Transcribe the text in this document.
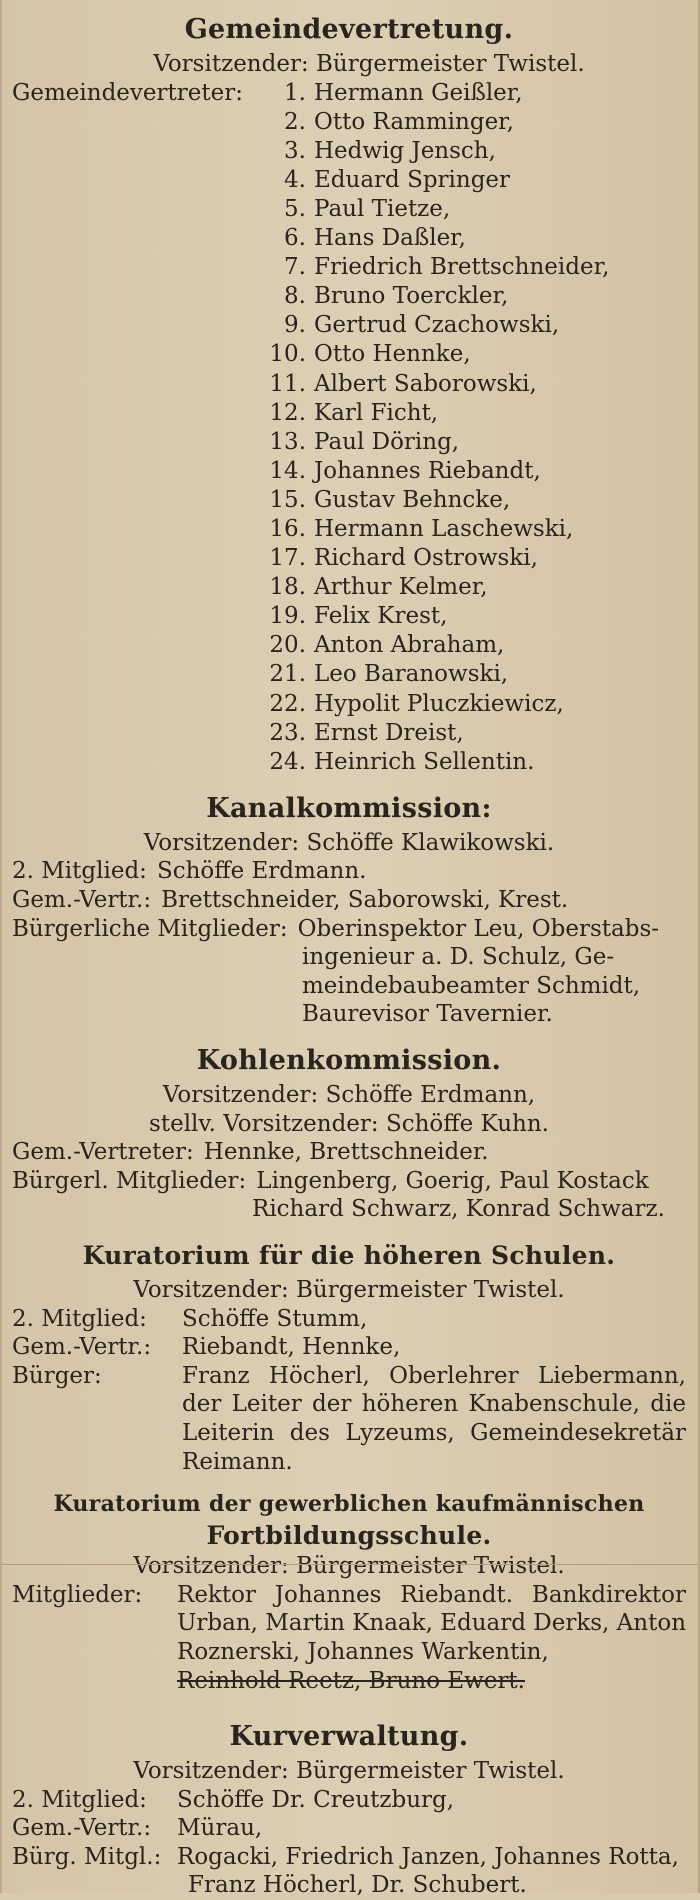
Gemeindevertretung.
Vorsitzender: Bürgermeister Twistel.
Gemeindevertreter:	1. Hermann Geißler,
2. Otto Ramminger,
3. Hedwig Jensch,
4. Eduard Springer
5. Paul Tietze,
6. Hans Daßler,
7. Friedrich Brettschneider,
8. Bruno Toerckler,
9. Gertrud Czachowski,
10. Otto Hennke,
11. Albert Saborowski,
12. Karl Ficht,
13. Paul Döring,
14. Johannes Riebandt,
15. Gustav Behncke,
16. Hermann Laschewski,
17. Richard Ostrowski,
18. Arthur Kelmer,
19. Felix Krest,
20. Anton Abraham,
21. Leo Baranowski,
22. Hypolit Pluczkiewicz,
23. Ernst Dreist,
24. Heinrich Sellentin.
Kanalkommission:
Vorsitzender: Schöffe Klawikowski.
2. Mitglied: Schöffe Erdmann.
Gem.-Vertr.: Brettschneider, Saborowski, Krest.
Bürgerliche Mitglieder: Oberinspektor Leu, Oberstabs-
ingenieur a. D. Schulz, Ge-
meindebaubeamter Schmidt,
Baurevisor Tavernier.
Kohlenkommission.
Vorsitzender: Schöffe Erdmann,
stellv. Vorsitzender: Schöffe Kuhn.
Gem.-Vertreter: Hennke, Brettschneider.
Bürgerl. Mitglieder: Lingenberg, Goerig, Paul Kostack
Richard Schwarz, Konrad Schwarz.
Kuratorium für die höheren Schulen.
Vorsitzender: Bürgermeister Twistel.
2. Mitglied:	Schöffe Stumm,
Gem.-Vertr.:	Riebandt, Hennke,
Bürger:	Franz Höcherl, Oberlehrer Liebermann, der Leiter der höheren Knabenschule, die Leiterin des Lyzeums, Gemeindesekretär Reimann.
Kuratorium der gewerblichen kaufmännischen
Fortbildungsschule.
Vorsitzender: Bürgermeister Twistel.
Mitglieder:	Rektor Johannes Riebandt. Bankdirektor Urban, Martin Knaak, Eduard Derks, Anton Roznerski, Johannes Warkentin,
Reinhold Reetz, Bruno Ewert.
Kurverwaltung.
Vorsitzender: Bürgermeister Twistel.
2. Mitglied:	Schöffe Dr. Creutzburg,
Gem.-Vertr.:	Mürau,
Bürg. Mitgl.: Rogacki, Friedrich Janzen, Johannes Rotta,
Franz Höcherl, Dr. Schubert.
